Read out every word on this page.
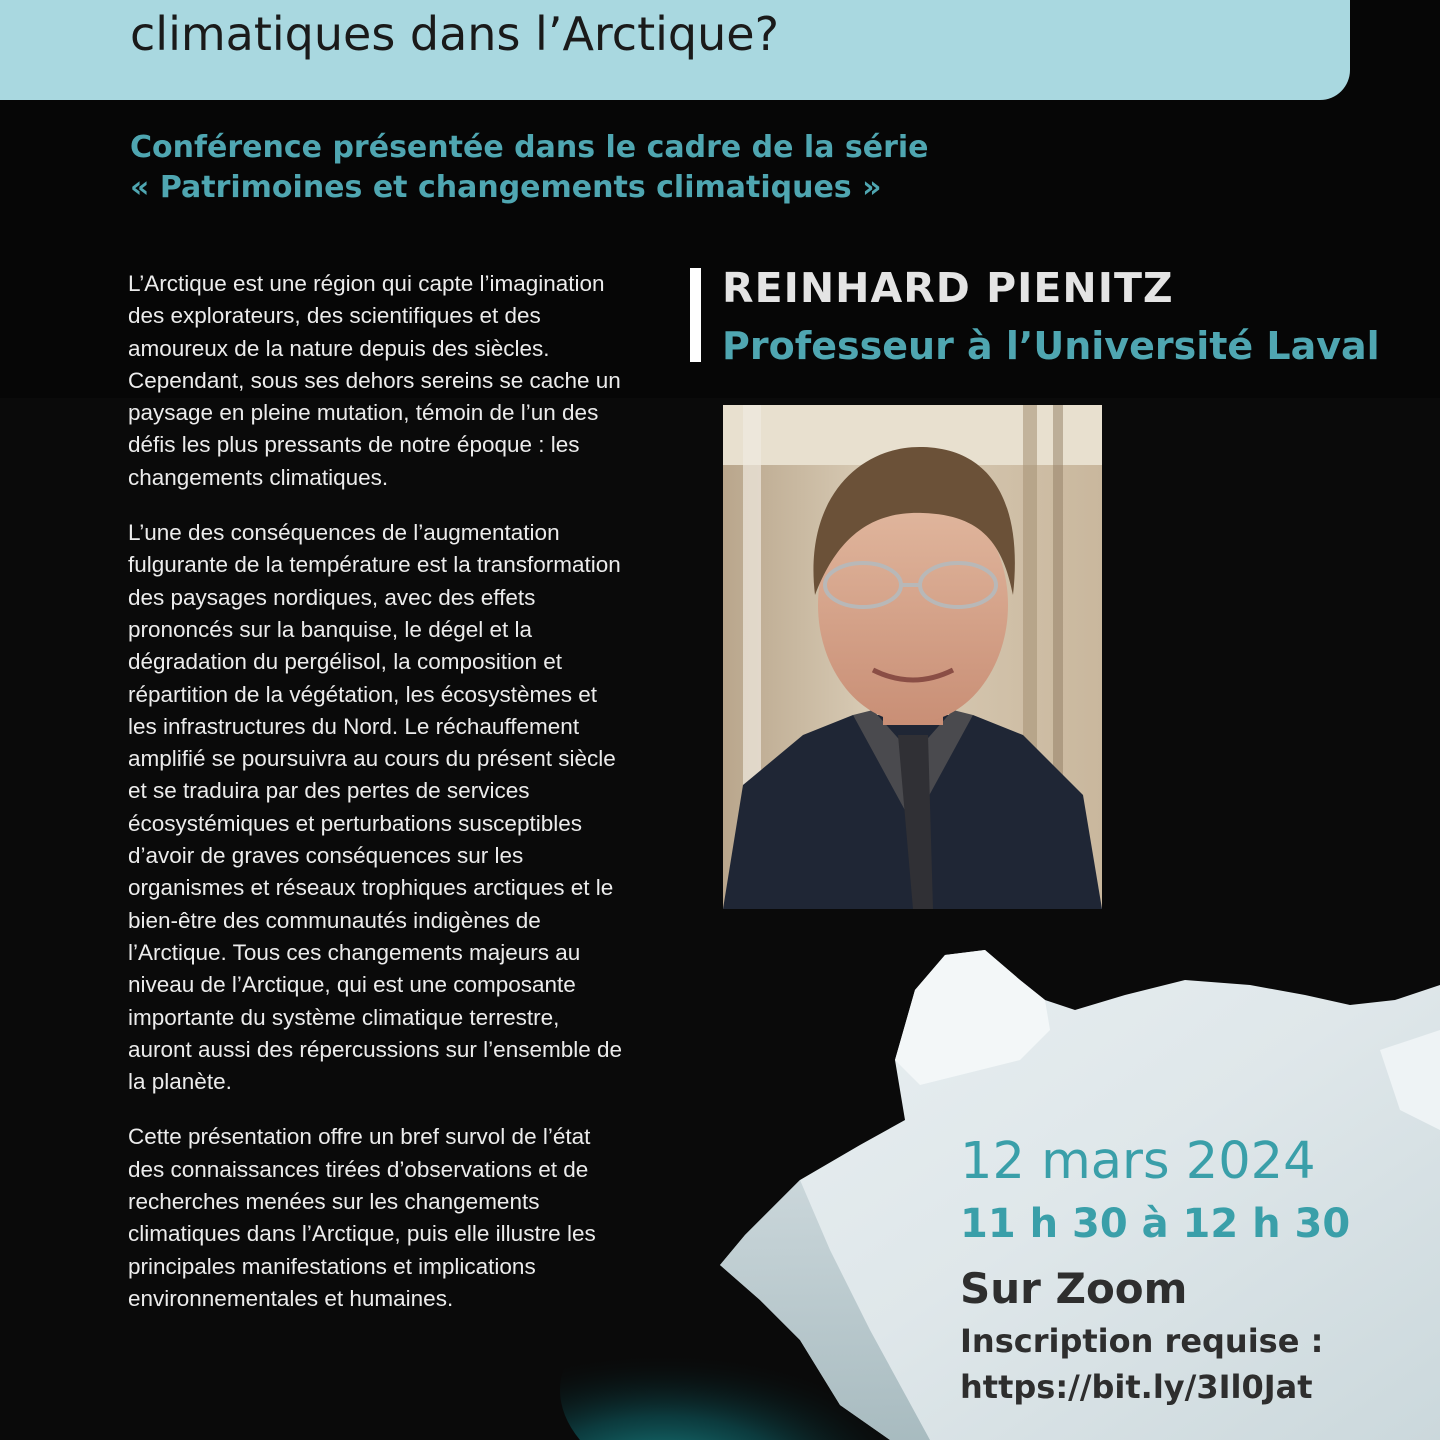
climatiques dans l’Arctique?
Conférence présentée dans le cadre de la série
« Patrimoines et changements climatiques »
REINHARD PIENITZ
Professeur à l’Université Laval

L’Arctique est une région qui capte l’imagination des explorateurs, des scientifiques et des amoureux de la nature depuis des siècles. Cependant, sous ses dehors sereins se cache un paysage en pleine mutation, témoin de l’un des défis les plus pressants de notre époque : les changements climatiques.

L’une des conséquences de l’augmentation fulgurante de la température est la transformation des paysages nordiques, avec des effets prononcés sur la banquise, le dégel et la dégradation du pergélisol, la composition et répartition de la végétation, les écosystèmes et les infrastructures du Nord. Le réchauffement amplifié se poursuivra au cours du présent siècle et se traduira par des pertes de services écosystémiques et perturbations susceptibles d’avoir de graves conséquences sur les organismes et réseaux trophiques arctiques et le bien-être des communautés indigènes de l’Arctique. Tous ces changements majeurs au niveau de l’Arctique, qui est une composante importante du système climatique terrestre, auront aussi des répercussions sur l’ensemble de la planète.

Cette présentation offre un bref survol de l’état des connaissances tirées d’observations et de recherches menées sur les changements climatiques dans l’Arctique, puis elle illustre les principales manifestations et implications environnementales et humaines.

12 mars 2024
11 h 30 à 12 h 30
Sur Zoom
Inscription requise :
https://bit.ly/3Il0Jat
